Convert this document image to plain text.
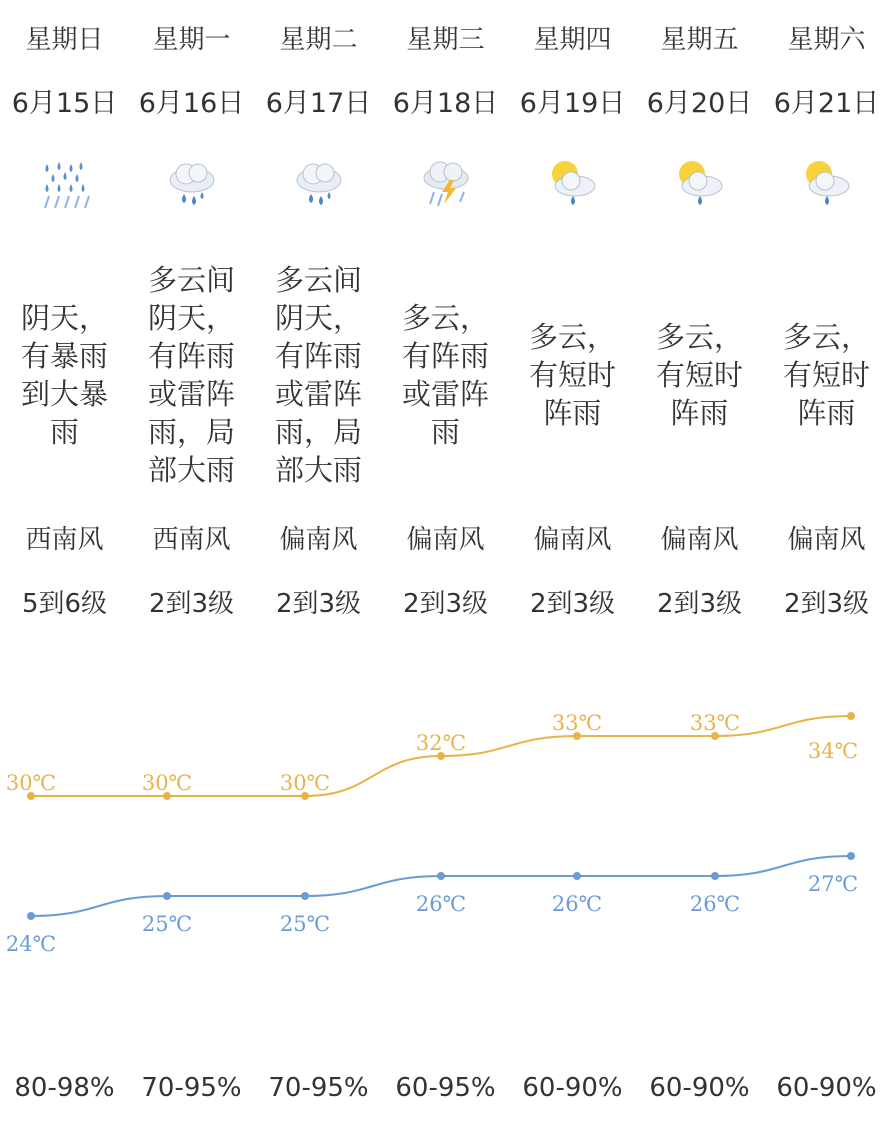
星期日
6月15日
阴天，有暴雨到大暴雨
西南风
5到6级
80-98%
星期一
6月16日
多云间阴天，有阵雨或雷阵雨，局部大雨
西南风
2到3级
70-95%
星期二
6月17日
多云间阴天，有阵雨或雷阵雨，局部大雨
偏南风
2到3级
70-95%
星期三
6月18日
多云，有阵雨或雷阵雨
偏南风
2到3级
60-95%
星期四
6月19日
多云，有短时阵雨
偏南风
2到3级
60-90%
星期五
6月20日
多云，有短时阵雨
偏南风
2到3级
60-90%
星期六
6月21日
多云，有短时阵雨
偏南风
2到3级
60-90%
30℃	30℃	30℃
32℃
33℃	33℃
34℃
24℃
25℃	25℃
26℃	26℃	26℃
27℃
